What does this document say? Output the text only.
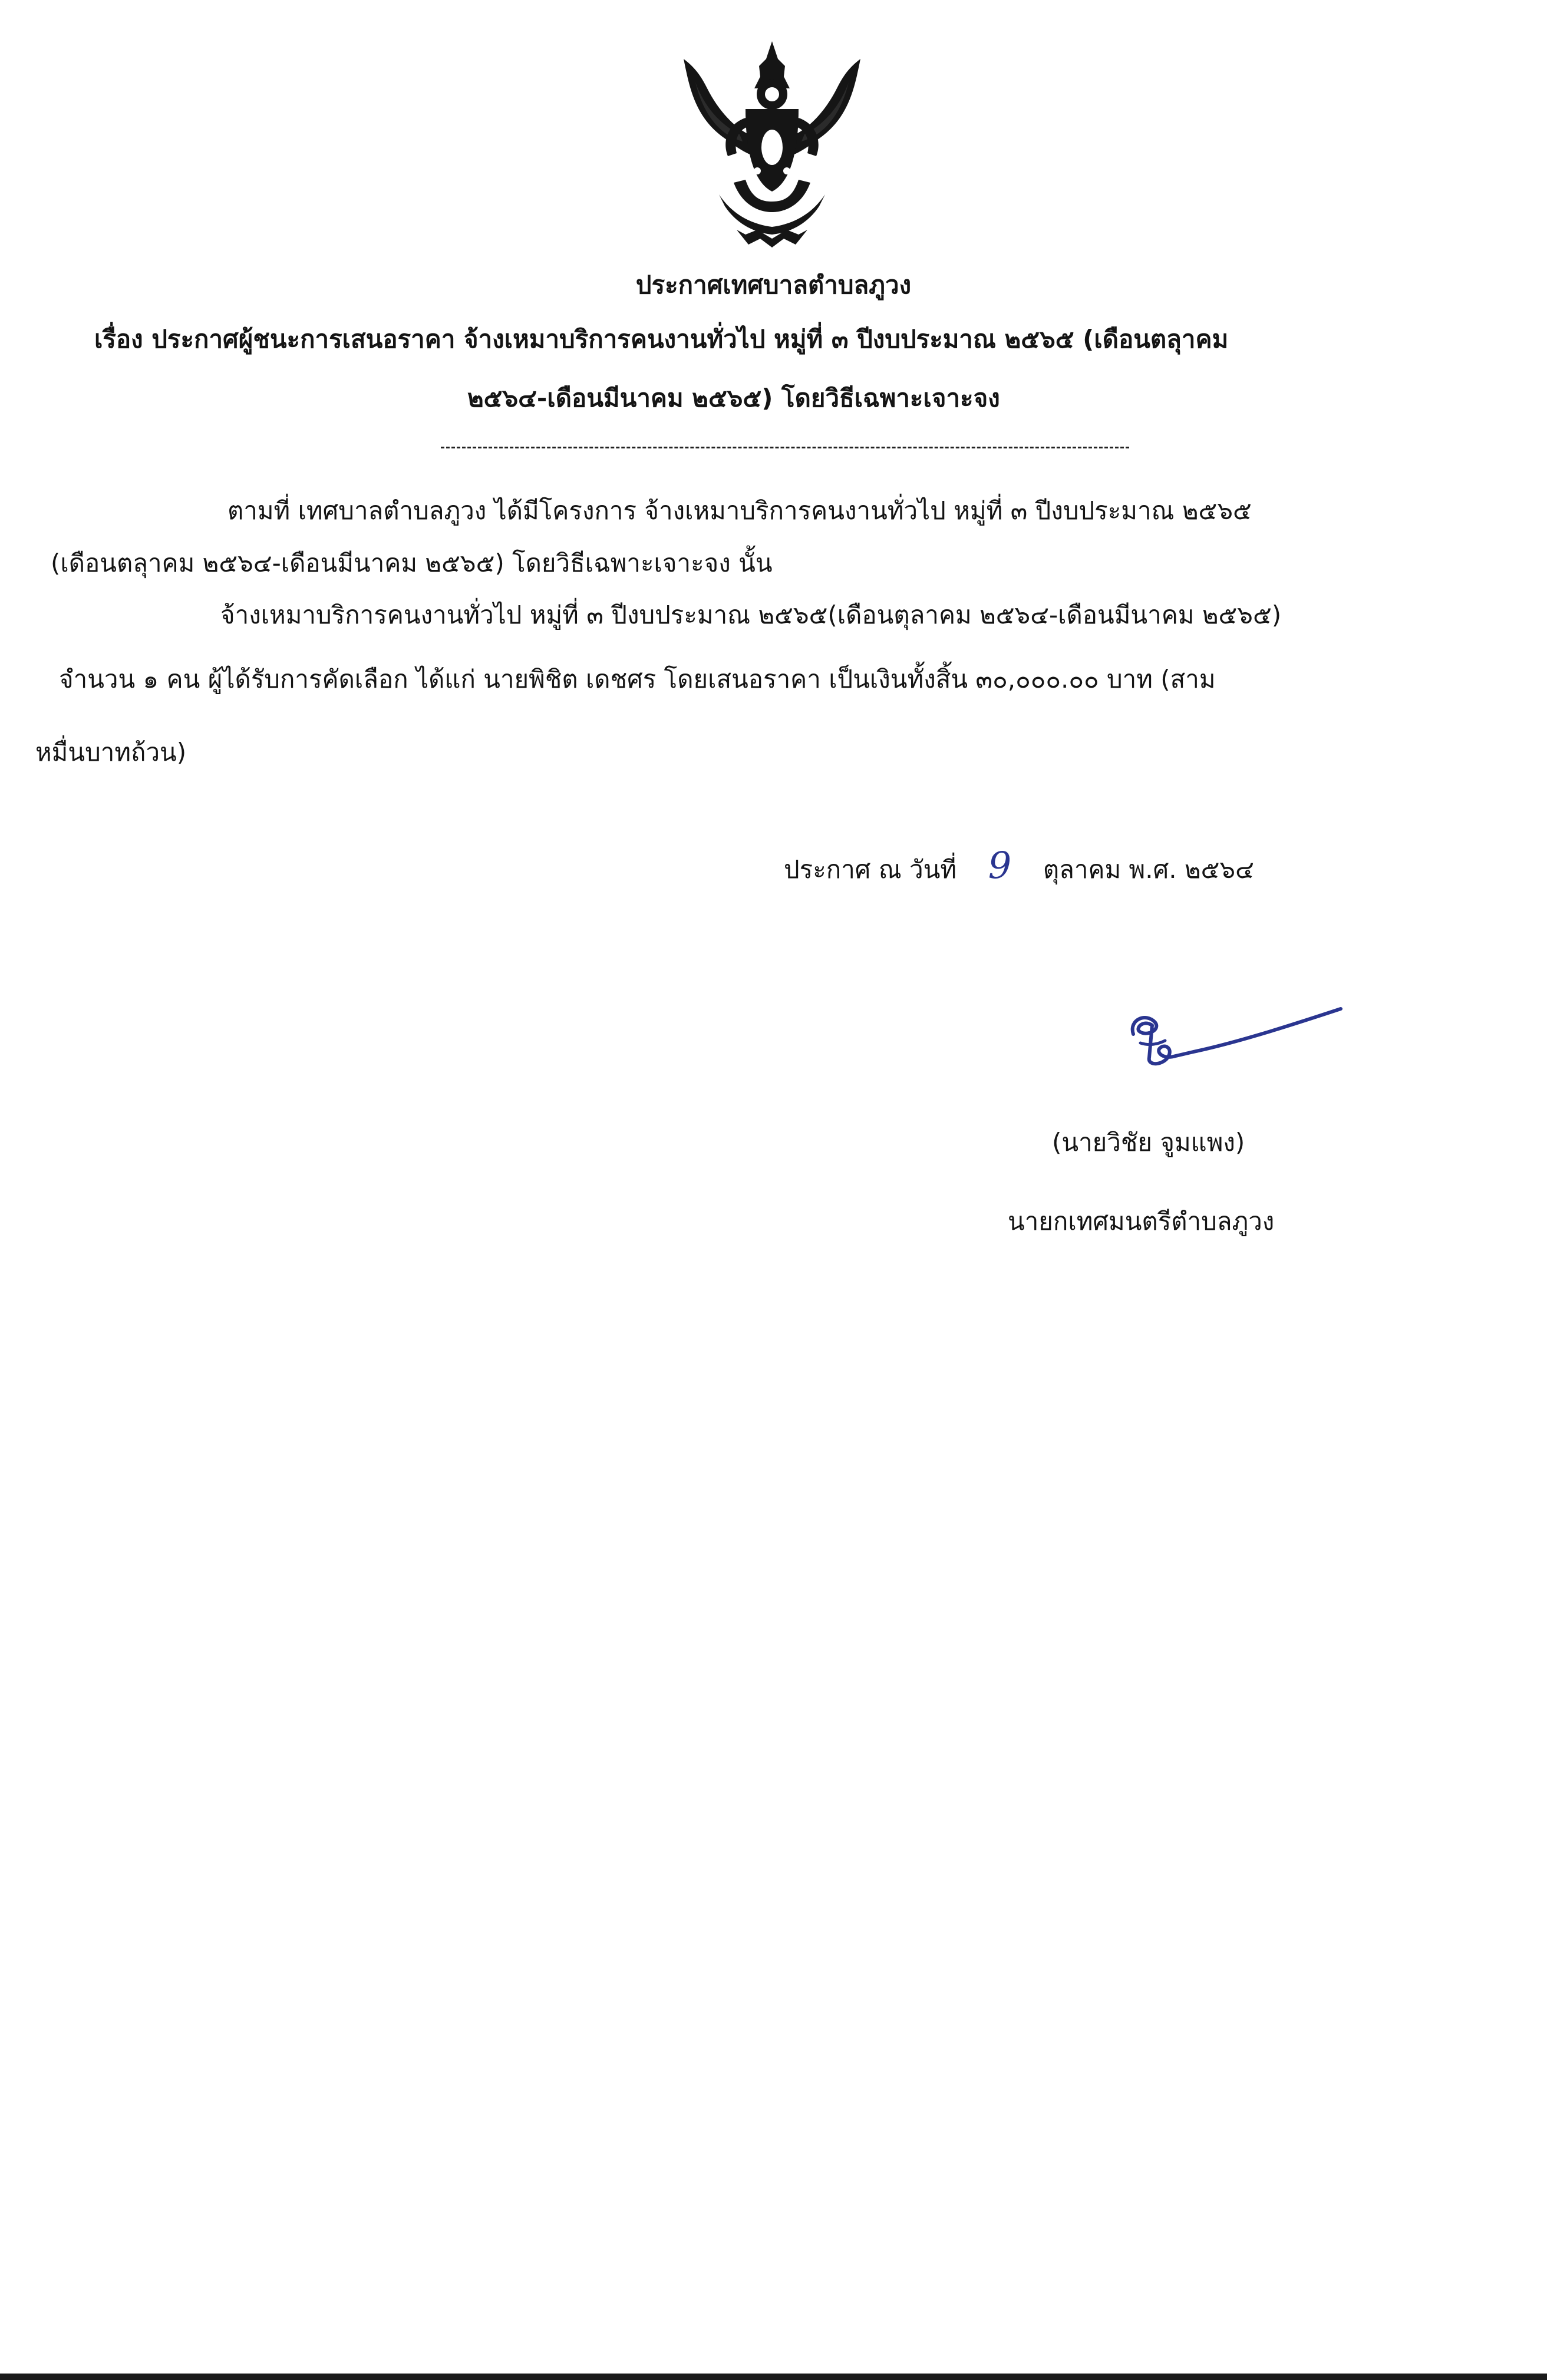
ประกาศเทศบาลตำบลภูวง
เรื่อง ประกาศผู้ชนะการเสนอราคา จ้างเหมาบริการคนงานทั่วไป หมู่ที่ ๓ ปีงบประมาณ ๒๕๖๕ (เดือนตลุาคม
๒๕๖๔-เดือนมีนาคม ๒๕๖๕) โดยวิธีเฉพาะเจาะจง
ตามที่ เทศบาลตำบลภูวง ได้มีโครงการ จ้างเหมาบริการคนงานทั่วไป หมู่ที่ ๓ ปีงบประมาณ ๒๕๖๕
(เดือนตลุาคม ๒๕๖๔-เดือนมีนาคม ๒๕๖๕) โดยวิธีเฉพาะเจาะจง นั้น
จ้างเหมาบริการคนงานทั่วไป หมู่ที่ ๓ ปีงบประมาณ ๒๕๖๕(เดือนตุลาคม ๒๕๖๔-เดือนมีนาคม ๒๕๖๕)
จำนวน ๑ คน ผู้ได้รับการคัดเลือก ได้แก่ นายพิชิต เดชศร โดยเสนอราคา เป็นเงินทั้งสิ้น ๓๐,๐๐๐.๐๐ บาท (สาม
หมื่นบาทถ้วน)
ประกาศ ณ วันที่ 9 ตุลาคม พ.ศ. ๒๕๖๔
(นายวิชัย จูมแพง)
นายกเทศมนตรีตำบลภูวง
